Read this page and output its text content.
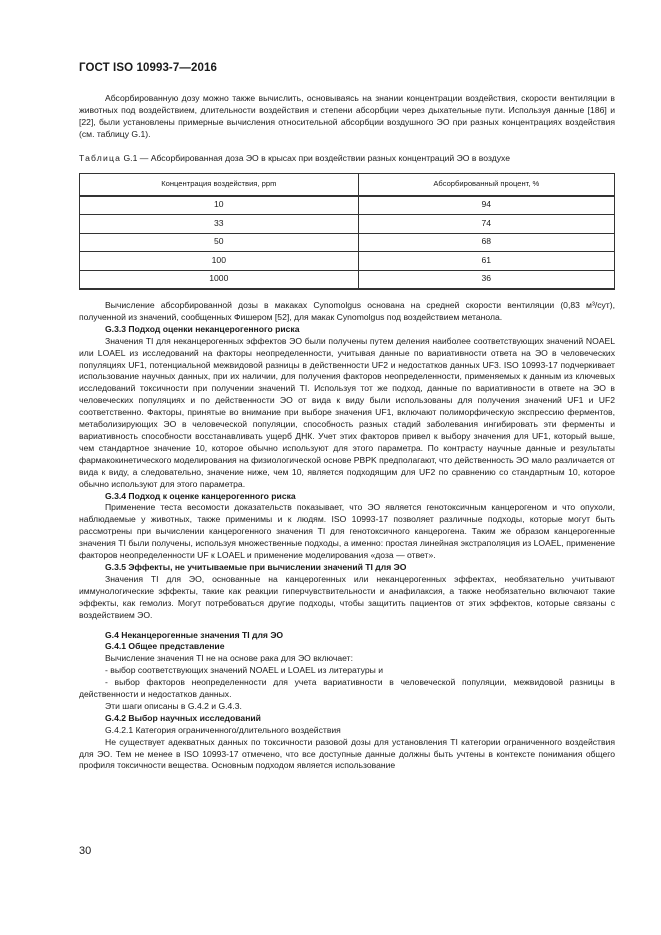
ГОСТ ISO 10993-7—2016

Абсорбированную дозу можно также вычислить, основываясь на знании концентрации воздействия, скорости вентиляции в животных под воздействием, длительности воздействия и степени абсорбции через дыхательные пути. Используя данные [186] и [22], были установлены примерные вычисления относительной абсорбции воздушного ЭО при разных концентрациях воздействия (см. таблицу G.1).

Таблица G.1 — Абсорбированная доза ЭО в крысах при воздействии разных концентраций ЭО в воздухе
Концентрация воздействия, ppm	Абсорбированный процент, %
10	94
33	74
50	68
100	61
1000	36

Вычисление абсорбированной дозы в макаках Cynomolgus основана на средней скорости вентиляции (0,83 м³/сут), полученной из значений, сообщенных Фишером [52], для макак Cynomolgus под воздействием метанола.

G.3.3 Подход оценки неканцерогенного риска

Значения TI для неканцерогенных эффектов ЭО были получены путем деления наиболее соответствующих значений NOAEL или LOAEL из исследований на факторы неопределенности, учитывая данные по вариативности ответа на ЭО в человеческих популяциях UF1, потенциальной межвидовой разницы в действенности UF2 и недостатков данных UF3. ISO 10993-17 подчеркивает использование научных данных, при их наличии, для получения факторов неопределенности, применяемых к данным из ключевых исследований токсичности при получении значений TI. Используя тот же подход, данные по вариативности в ответе на ЭО в человеческих популяциях и по действенности ЭО от вида к виду были использованы для получения значений UF1 и UF2 соответственно. Факторы, принятые во внимание при выборе значения UF1, включают полиморфическую экспрессию ферментов, метаболизирующих ЭО в человеческой популяции, способность разных стадий заболевания ингибировать эти ферменты и вариативность способности восстанавливать ущерб ДНК. Учет этих факторов привел к выбору значения для UF1, который выше, чем стандартное значение 10, которое обычно используют для этого параметра. По контрасту научные данные и результаты фармакокинетического моделирования на физиологической основе PBPK предполагают, что действенность ЭО мало различается от вида к виду, а следовательно, значение ниже, чем 10, является подходящим для UF2 по сравнению со стандартным 10, которое обычно используют для этого параметра.

G.3.4 Подход к оценке канцерогенного риска

Применение теста весомости доказательств показывает, что ЭО является генотоксичным канцерогеном и что опухоли, наблюдаемые у животных, также применимы и к людям. ISO 10993-17 позволяет различные подходы, которые могут быть рассмотрены при вычислении канцерогенного значения TI для генотоксичного канцерогена. Таким же образом канцерогенные значения TI были получены, используя множественные подходы, а именно: простая линейная экстраполяция из LOAEL, применение факторов неопределенности UF к LOAEL и применение моделирования «доза — ответ».

G.3.5 Эффекты, не учитываемые при вычислении значений TI для ЭО

Значения TI для ЭО, основанные на канцерогенных или неканцерогенных эффектах, необязательно учитывают иммунологические эффекты, такие как реакции гиперчувствительности и анафилаксия, а также необязательно включают такие эффекты, как гемолиз. Могут потребоваться другие подходы, чтобы защитить пациентов от этих эффектов, которые связаны с воздействием ЭО.

G.4 Неканцерогенные значения TI для ЭО

G.4.1 Общее представление

Вычисление значения TI не на основе рака для ЭО включает:

- выбор соответствующих значений NOAEL и LOAEL из литературы и

- выбор факторов неопределенности для учета вариативности в человеческой популяции, межвидовой разницы в действенности и недостатков данных.

Эти шаги описаны в G.4.2 и G.4.3.

G.4.2 Выбор научных исследований

G.4.2.1 Категория ограниченного/длительного воздействия

Не существует адекватных данных по токсичности разовой дозы для установления TI категории ограниченного воздействия для ЭО. Тем не менее в ISO 10993-17 отмечено, что все доступные данные должны быть учтены в контексте понимания общего профиля токсичности вещества. Основным подходом является использование

30
